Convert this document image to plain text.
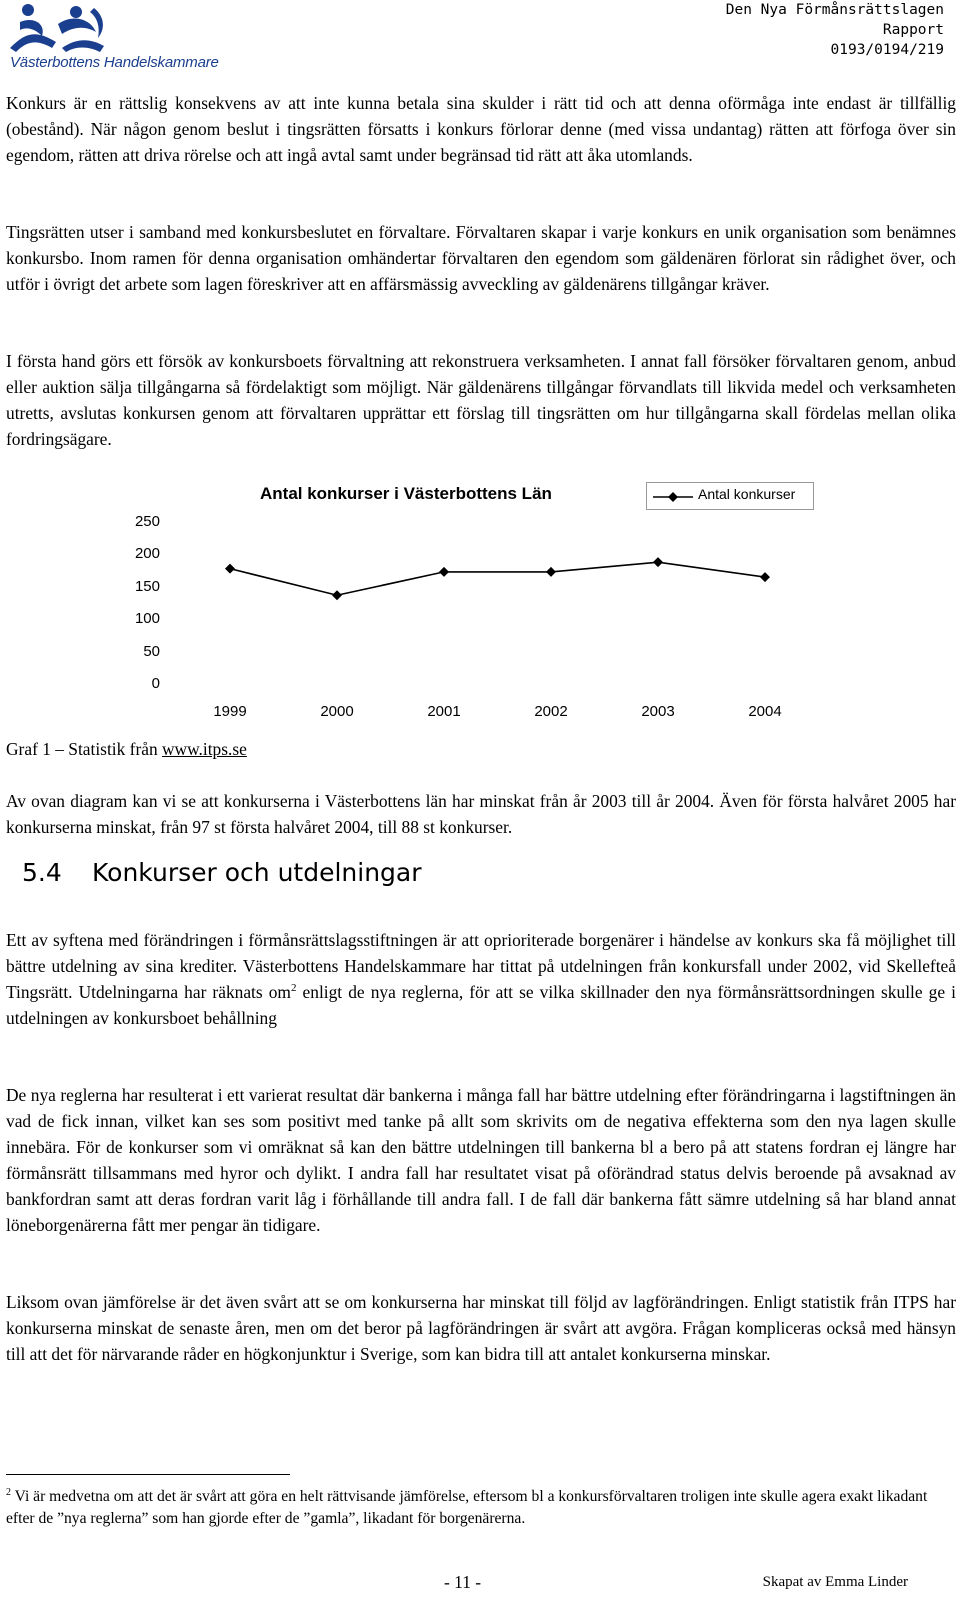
Västerbottens Handelskammare
Den Nya Förmånsrättslagen
Rapport
0193/0194/219

Konkurs är en rättslig konsekvens av att inte kunna betala sina skulder i rätt tid och att denna oförmåga inte endast är tillfällig (obestånd). När någon genom beslut i tingsrätten försatts i konkurs förlorar denne (med vissa undantag) rätten att förfoga över sin egendom, rätten att driva rörelse och att ingå avtal samt under begränsad tid rätt att åka utomlands.

Tingsrätten utser i samband med konkursbeslutet en förvaltare. Förvaltaren skapar i varje konkurs en unik organisation som benämnes konkursbo. Inom ramen för denna organisation omhändertar förvaltaren den egendom som gäldenären förlorat sin rådighet över, och utför i övrigt det arbete som lagen föreskriver att en affärsmässig avveckling av gäldenärens tillgångar kräver.

I första hand görs ett försök av konkursboets förvaltning att rekonstruera verksamheten. I annat fall försöker förvaltaren genom, anbud eller auktion sälja tillgångarna så fördelaktigt som möjligt. När gäldenärens tillgångar förvandlats till likvida medel och verksamheten utretts, avslutas konkursen genom att förvaltaren upprättar ett förslag till tingsrätten om hur tillgångarna skall fördelas mellan olika fordringsägare.

Antal konkurser i Västerbottens Län	Antal konkurser
0
50
100
150
200
250
1999	2000	2001	2002	2003	2004
Graf 1 – Statistik från www.itps.se

Av ovan diagram kan vi se att konkurserna i Västerbottens län har minskat från år 2003 till år 2004. Även för första halvåret 2005 har konkurserna minskat, från 97 st första halvåret 2004, till 88 st konkurser.

5.4 Konkurser och utdelningar

Ett av syftena med förändringen i förmånsrättslagsstiftningen är att oprioriterade borgenärer i händelse av konkurs ska få möjlighet till bättre utdelning av sina krediter. Västerbottens Handelskammare har tittat på utdelningen från konkursfall under 2002, vid Skellefteå Tingsrätt. Utdelningarna har räknats $om^2$ enligt de nya reglerna, för att se vilka skillnader den nya förmånsrättsordningen skulle ge i utdelningen av konkursboet behållning

De nya reglerna har resulterat i ett varierat resultat där bankerna i många fall har bättre utdelning efter förändringarna i lagstiftningen än vad de fick innan, vilket kan ses som positivt med tanke på allt som skrivits om de negativa effekterna som den nya lagen skulle innebära. För de konkurser som vi omräknat så kan den bättre utdelningen till bankerna bl a bero på att statens fordran ej längre har förmånsrätt tillsammans med hyror och dylikt. I andra fall har resultatet visat på oförändrad status delvis beroende på avsaknad av bankfordran samt att deras fordran varit låg i förhållande till andra fall. I de fall där bankerna fått sämre utdelning så har bland annat löneborgenärerna fått mer pengar än tidigare.

Liksom ovan jämförelse är det även svårt att se om konkurserna har minskat till följd av lagförändringen. Enligt statistik från ITPS har konkurserna minskat de senaste åren, men om det beror på lagförändringen är svårt att avgöra. Frågan kompliceras också med hänsyn till att det för närvarande råder en högkonjunktur i Sverige, som kan bidra till att antalet konkurserna minskar.

$^2$ Vi är medvetna om att det är svårt att göra en helt rättvisande jämförelse, eftersom bl a konkursförvaltaren troligen inte skulle agera exakt likadant efter de ”nya reglerna” som han gjorde efter de ”gamla”, likadant för borgenärerna.

- 11 -	Skapat av Emma Linder
